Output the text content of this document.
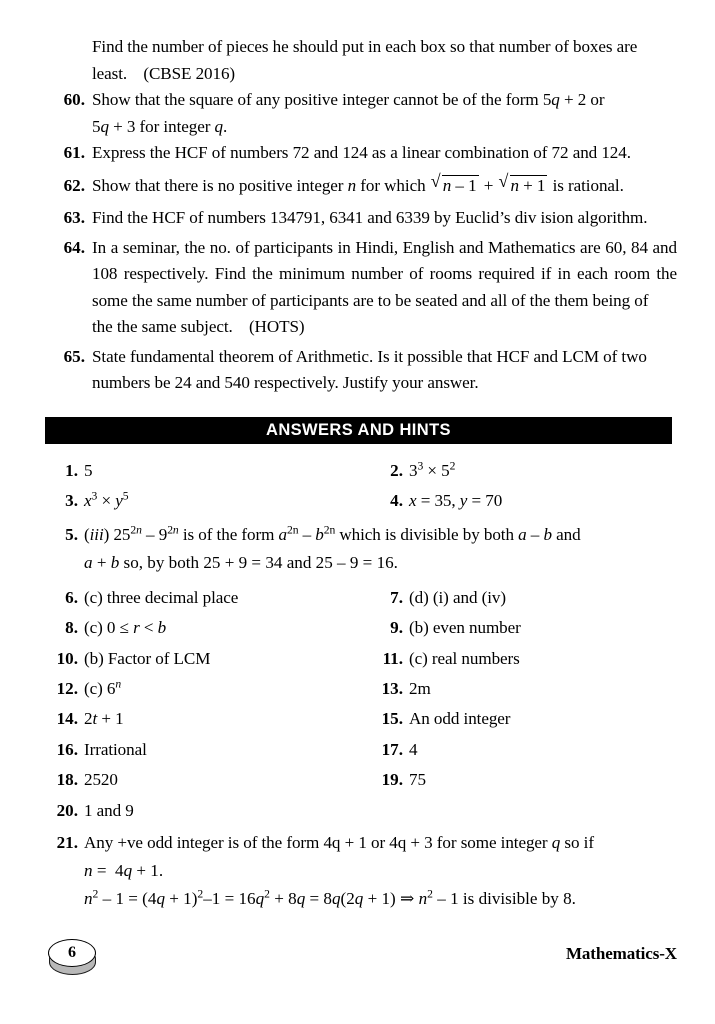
Find the number of pieces he should put in each box so that number of boxes are
least. (CBSE 2016)
60. Show that the square of any positive integer cannot be of the form 5q + 2 or
5q + 3 for integer q.
61. Express the HCF of numbers 72 and 124 as a linear combination of 72 and 124.
62. Show that there is no positive integer n for which √ n – 1 + √ n + 1 is rational.
63. Find the HCF of numbers 134791, 6341 and 6339 by Euclid’s div ision algorithm.
64. In a seminar, the no. of participants in Hindi, English and Mathematics are 60, 84 and 108 respectively. Find the minimum number of rooms required if in each room the some the same number of participants are to be seated and all of the them being of
the the same subject. (HOTS)
65. State fundamental theorem of Arithmetic. Is it possible that HCF and LCM of two
numbers be 24 and 540 respectively. Justify your answer.
ANSWERS AND HINTS
1. 5	2. $3^3 \times 5^2$
3. $x^3 \times y^5$	4. x = 35, y = 70
5. (iii) $25^{2n} - 9^{2n}$ is of the form $a^{2n} - b^{2n}$ which is divisible by both a – b and
a + b so, by both 25 + 9 = 34 and 25 – 9 = 16.
6. (c) three decimal place	7. (d) (i) and (iv)
8. (c) 0 ≤ r < b	9. (b) even number
10. (b) Factor of LCM	11. (c) real numbers
12. (c) 6$^n$	13. 2m
14. 2t + 1	15. An odd integer
16. Irrational	17. 4
18. 2520	19. 75
20. 1 and 9
21. Any +ve odd integer is of the form 4q + 1 or 4q + 3 for some integer q so if
n =  4q + 1.
$n^2 - 1 = (4q + 1)^2-1 = 16q^2 + 8q = 8q(2q + 1)$ ⇒ $n^2 - 1$ is divisible by 8.
6	Mathematics-X
